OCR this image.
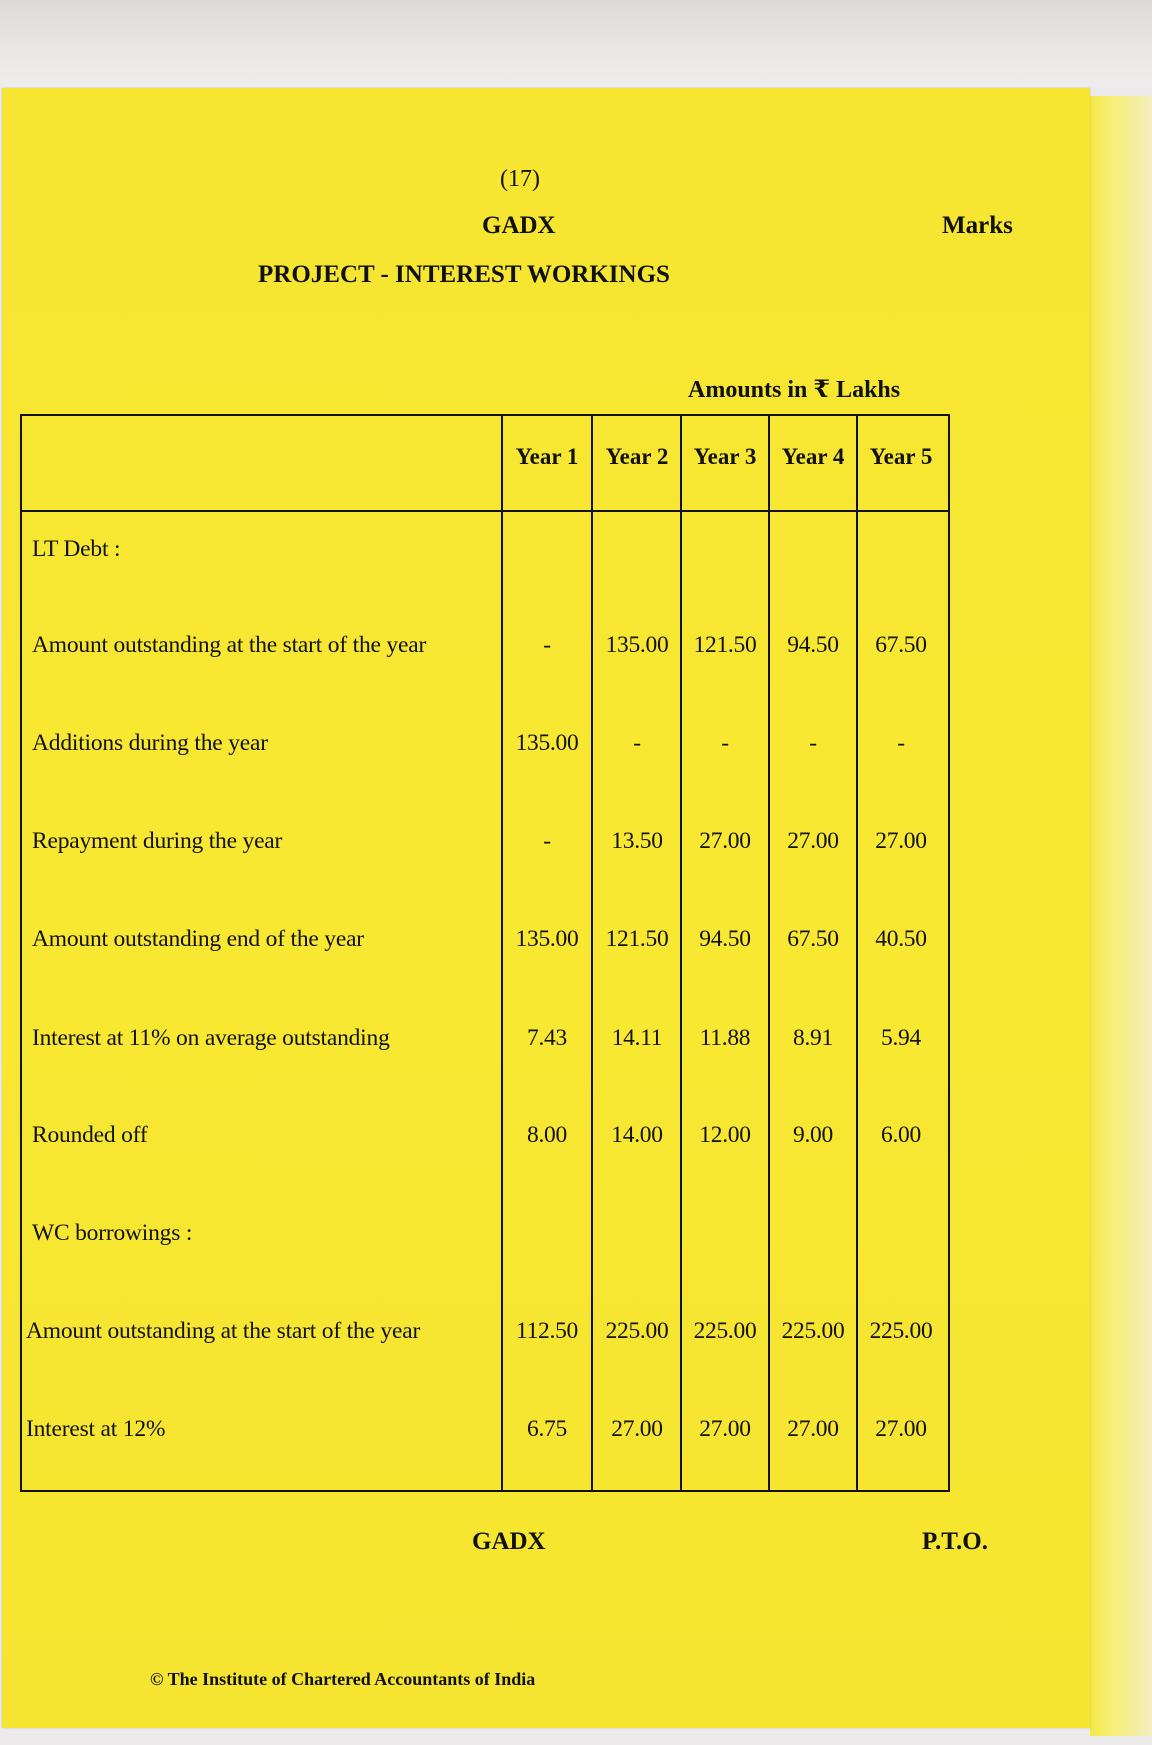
(17)
GADX	Marks
PROJECT - INTEREST WORKINGS
Amounts in ₹ Lakhs
Year 1	Year 2	Year 3	Year 4	Year 5
LT Debt :
Amount outstanding at the start of the year	-	135.00	121.50	94.50	67.50
Additions during the year	135.00	-	-	-	-
Repayment during the year	-	13.50	27.00	27.00	27.00
Amount outstanding end of the year	135.00	121.50	94.50	67.50	40.50
Interest at 11% on average outstanding	7.43	14.11	11.88	8.91	5.94
Rounded off	8.00	14.00	12.00	9.00	6.00
WC borrowings :
Amount outstanding at the start of the year	112.50	225.00	225.00	225.00	225.00
Interest at 12%	6.75	27.00	27.00	27.00	27.00
GADX	P.T.O.
© The Institute of Chartered Accountants of India
